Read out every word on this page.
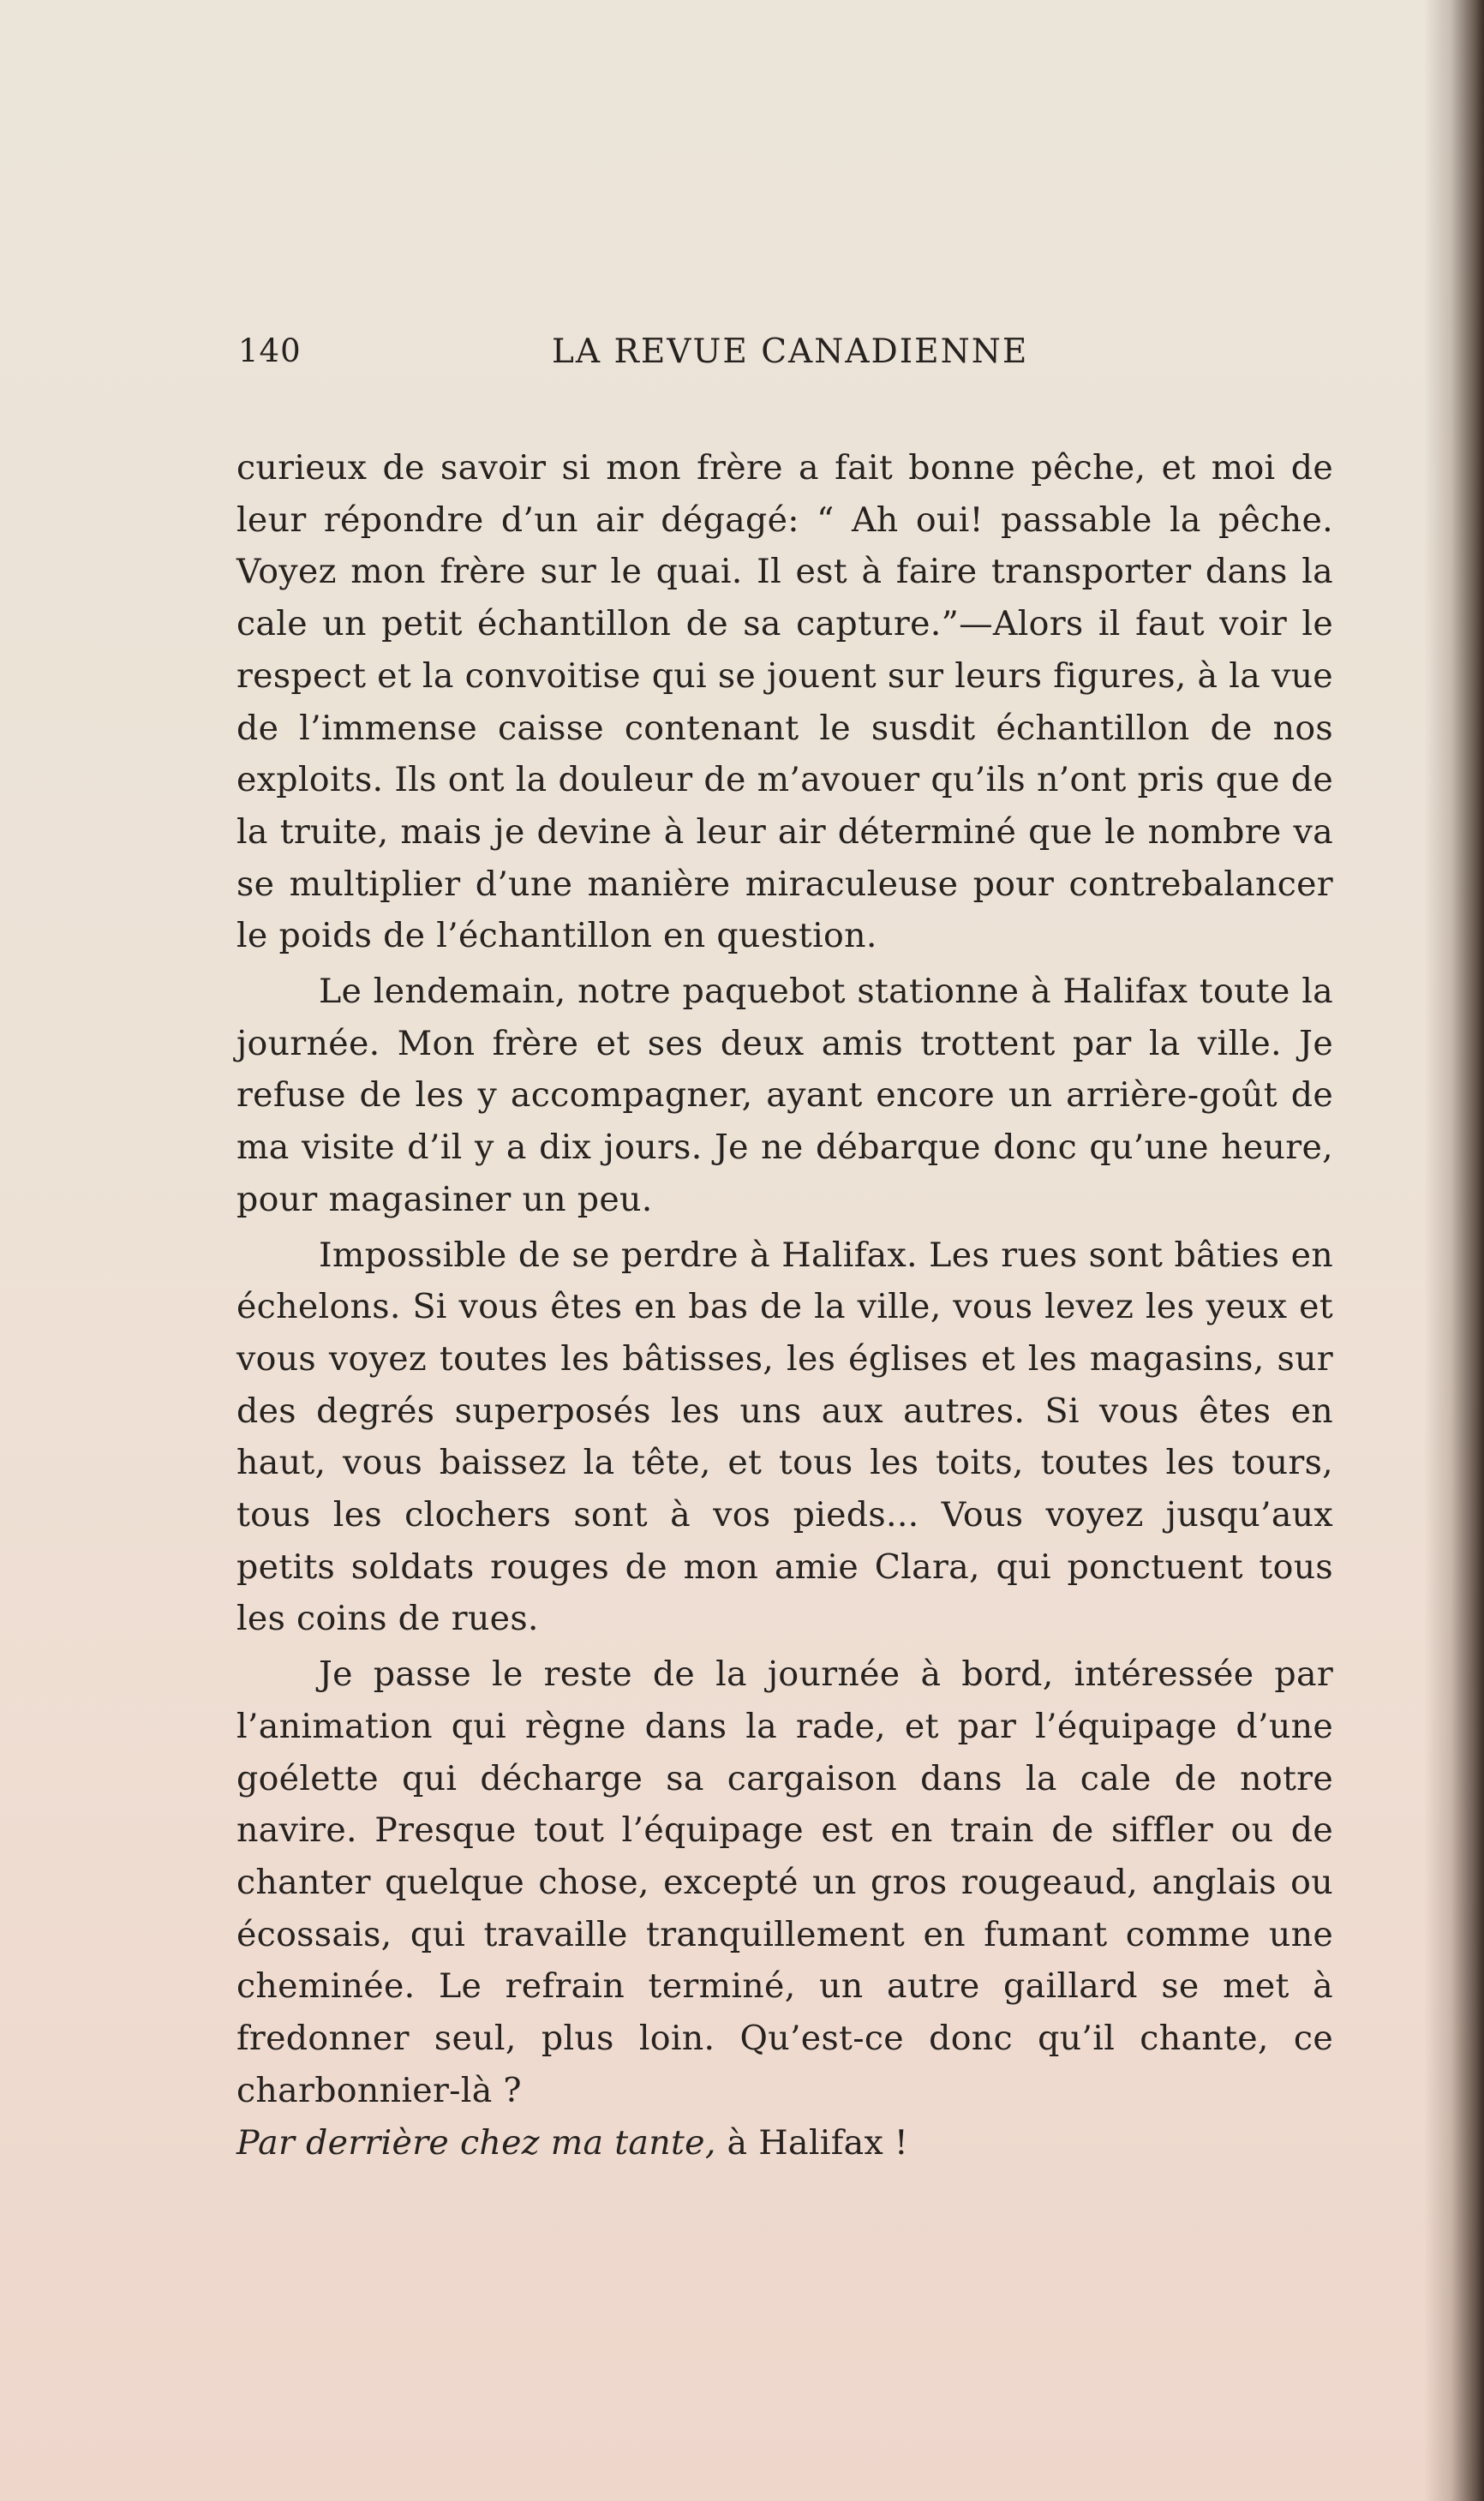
140	LA REVUE CANADIENNE

curieux de savoir si mon frère a fait bonne pêche, et moi de leur répondre d’un air dégagé: “ Ah oui! passable la pêche. Voyez mon frère sur le quai. Il est à faire transporter dans la cale un petit échantillon de sa capture.”—Alors il faut voir le respect et la convoitise qui se jouent sur leurs figures, à la vue de l’immense caisse contenant le susdit échantillon de nos exploits. Ils ont la douleur de m’avouer qu’ils n’ont pris que de la truite, mais je devine à leur air déterminé que le nombre va se multiplier d’une manière miraculeuse pour contrebalancer le poids de l’échantillon en question.

Le lendemain, notre paquebot stationne à Halifax toute la journée. Mon frère et ses deux amis trottent par la ville. Je refuse de les y accompagner, ayant encore un arrière-goût de ma visite d’il y a dix jours. Je ne débarque donc qu’une heure, pour magasiner un peu.

Impossible de se perdre à Halifax. Les rues sont bâties en échelons. Si vous êtes en bas de la ville, vous levez les yeux et vous voyez toutes les bâtisses, les églises et les magasins, sur des degrés superposés les uns aux autres. Si vous êtes en haut, vous baissez la tête, et tous les toits, toutes les tours, tous les clochers sont à vos pieds... Vous voyez jusqu’aux petits soldats rouges de mon amie Clara, qui ponctuent tous les coins de rues.

Je passe le reste de la journée à bord, intéressée par l’animation qui règne dans la rade, et par l’équipage d’une goélette qui décharge sa cargaison dans la cale de notre navire. Presque tout l’équipage est en train de siffler ou de chanter quelque chose, excepté un gros rougeaud, anglais ou écossais, qui travaille tranquillement en fumant comme une cheminée. Le refrain terminé, un autre gaillard se met à fredonner seul, plus loin. Qu’est-ce donc qu’il chante, ce charbonnier-là ?
Par derrière chez ma tante, à Halifax !
